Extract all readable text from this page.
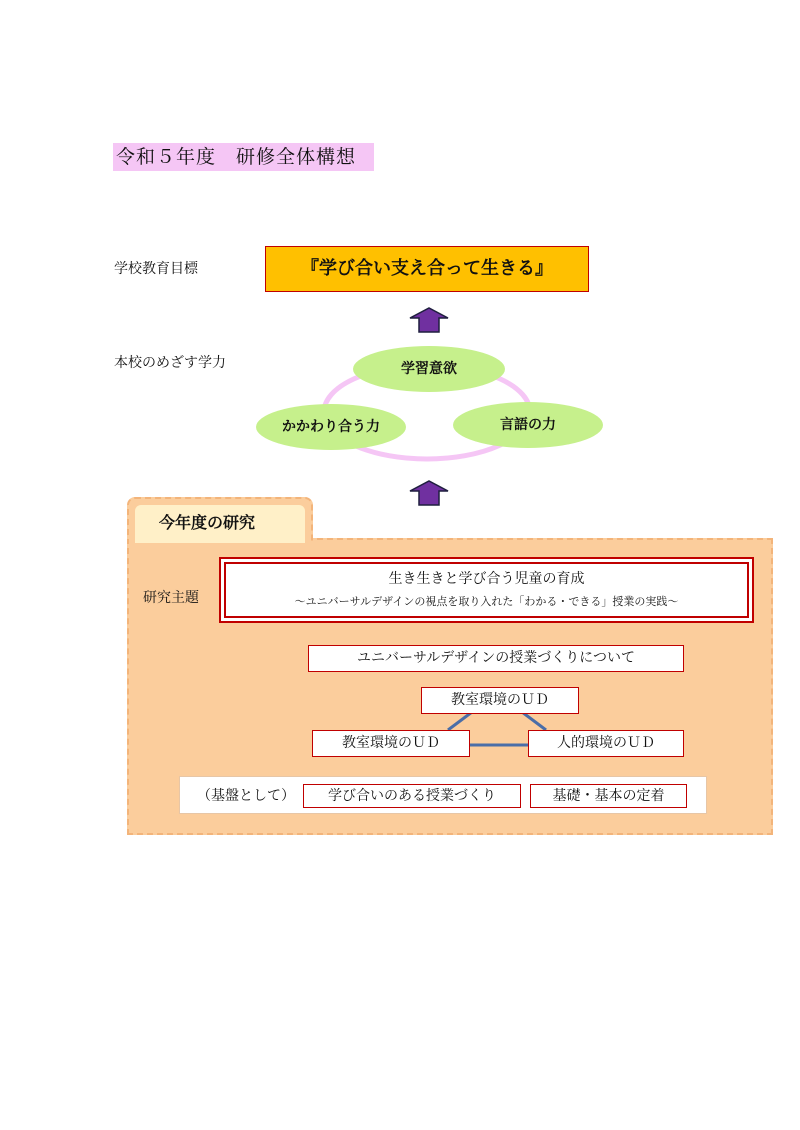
令和５年度　研修全体構想
学校教育目標	『学び合い支え合って生きる』
本校のめざす学力	学習意欲
かかわり合う力	言語の力
今年度の研究
研究主題
生き生きと学び合う児童の育成
～ユニバーサルデザインの視点を取り入れた「わかる・できる」授業の実践～
ユニバーサルデザインの授業づくりについて
教室環境のＵＤ
教室環境のＵＤ	人的環境のＵＤ
（基盤として）	学び合いのある授業づくり	基礎・基本の定着
